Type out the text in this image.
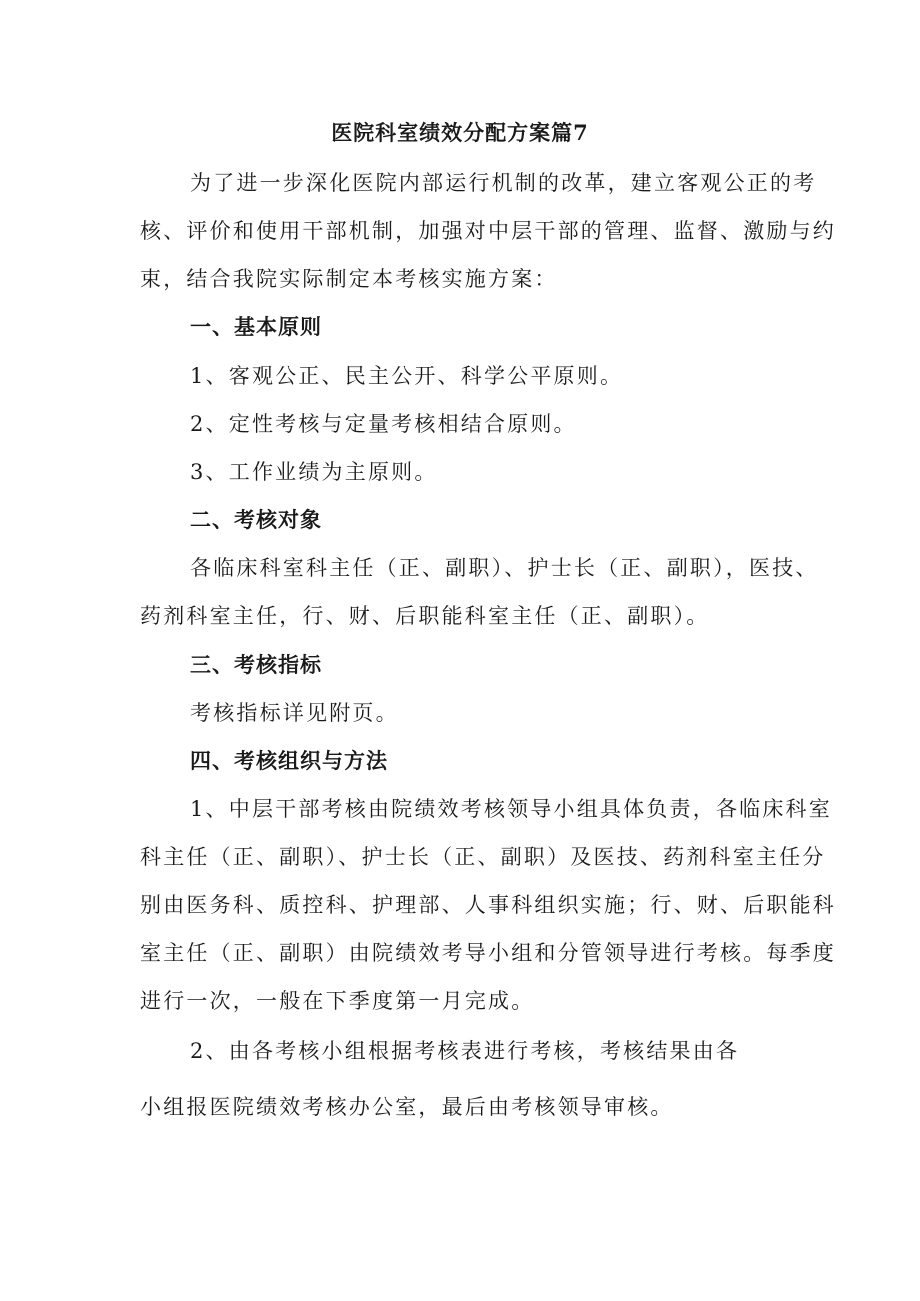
医院科室绩效分配方案篇7
为了进一步深化医院内部运行机制的改革，建立客观公正的考
核、评价和使用干部机制，加强对中层干部的管理、监督、激励与约
束，结合我院实际制定本考核实施方案：
一、基本原则
1、客观公正、民主公开、科学公平原则。
2、定性考核与定量考核相结合原则。
3、工作业绩为主原则。
二、考核对象
各临床科室科主任（正、副职）、护士长（正、副职），医技、
药剂科室主任，行、财、后职能科室主任（正、副职）。
三、考核指标
考核指标详见附页。
四、考核组织与方法
1、中层干部考核由院绩效考核领导小组具体负责，各临床科室
科主任（正、副职）、护士长（正、副职）及医技、药剂科室主任分
别由医务科、质控科、护理部、人事科组织实施；行、财、后职能科
室主任（正、副职）由院绩效考导小组和分管领导进行考核。每季度
进行一次，一般在下季度第一月完成。
2、由各考核小组根据考核表进行考核，考核结果由各
小组报医院绩效考核办公室，最后由考核领导审核。
